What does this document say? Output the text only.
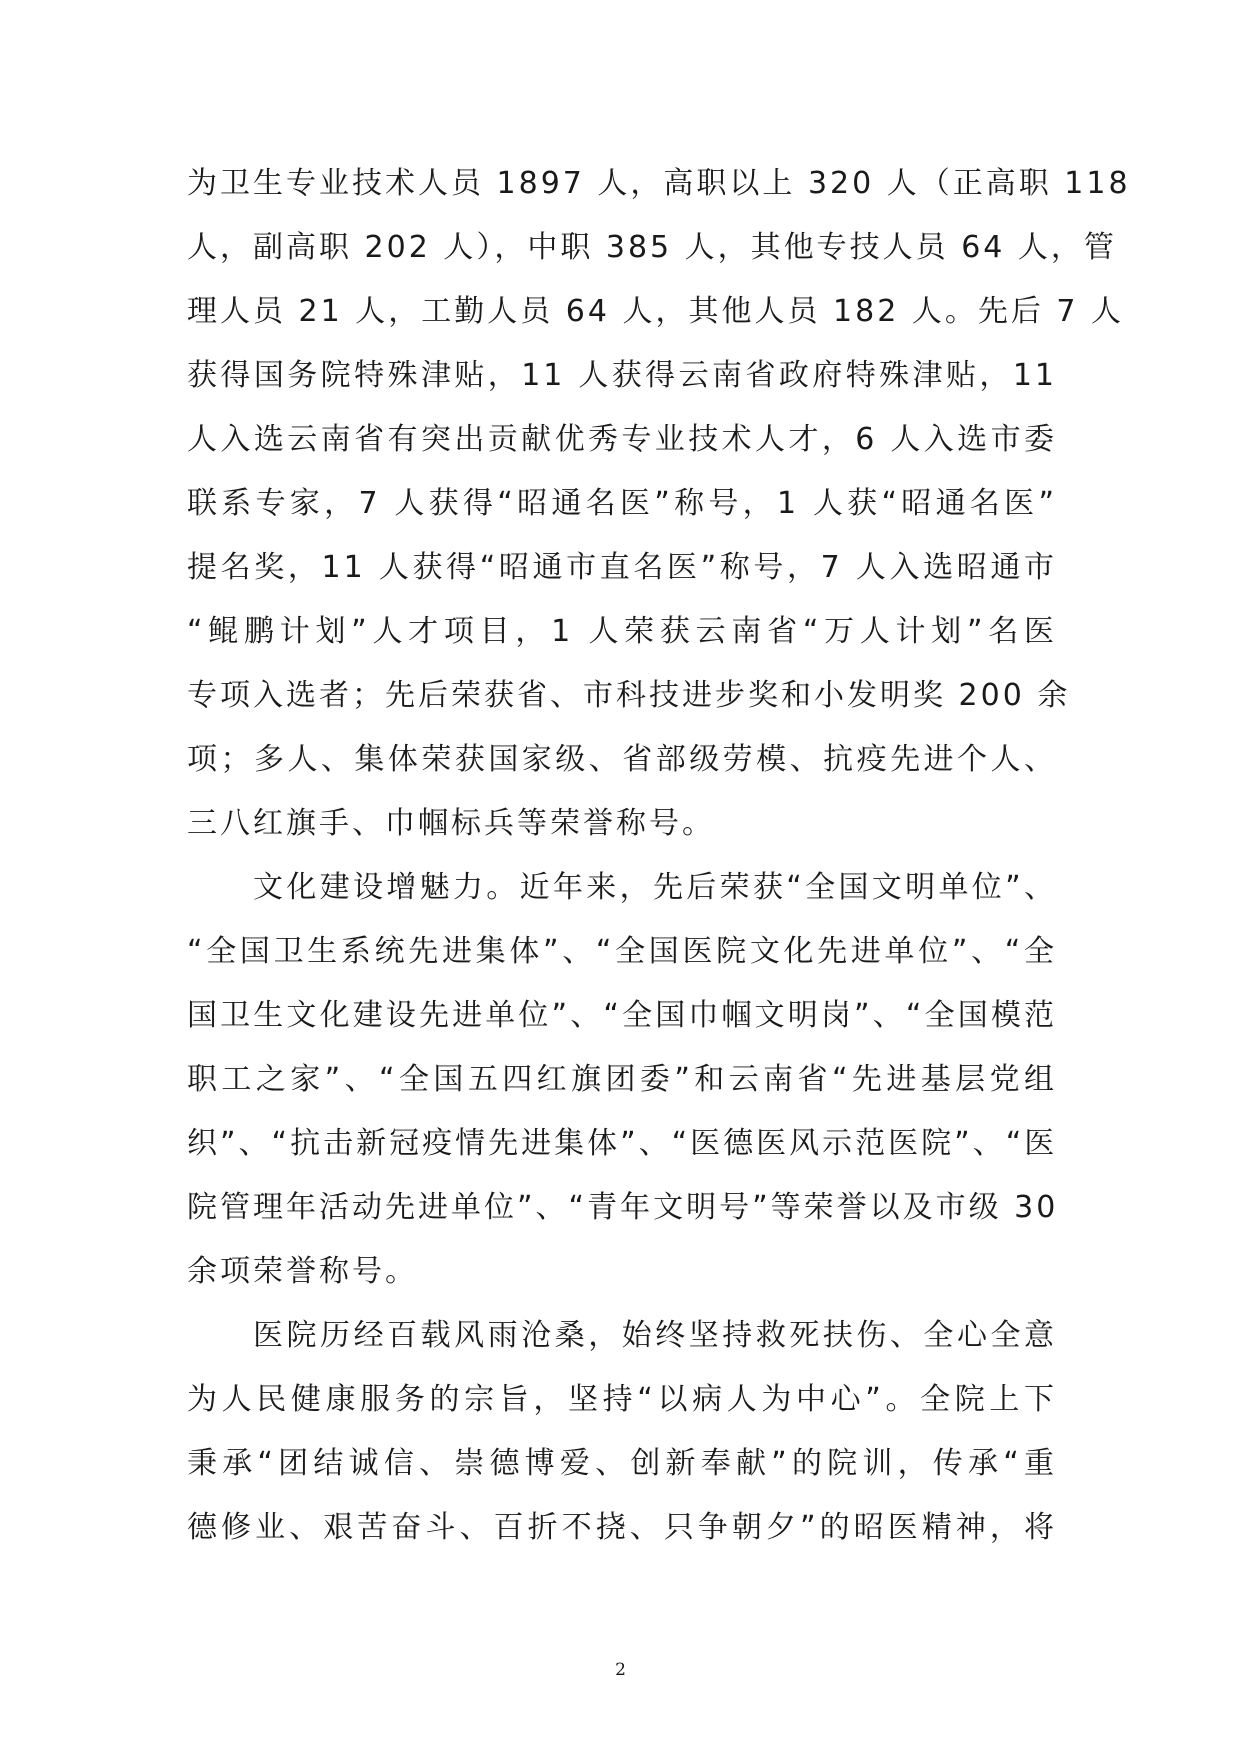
为卫生专业技术人员 1897 人，高职以上 320 人（正高职 118
人，副高职 202 人），中职 385 人，其他专技人员 64 人，管
理人员 21 人，工勤人员 64 人，其他人员 182 人。先后 7 人
获得国务院特殊津贴，11 人获得云南省政府特殊津贴，11
人入选云南省有突出贡献优秀专业技术人才，6 人入选市委
联系专家，7 人获得“昭通名医”称号，1 人获“昭通名医”
提名奖，11 人获得“昭通市直名医”称号，7 人入选昭通市
“鲲鹏计划”人才项目，1 人荣获云南省“万人计划”名医
专项入选者；先后荣获省、市科技进步奖和小发明奖 200 余
项；多人、集体荣获国家级、省部级劳模、抗疫先进个人、
三八红旗手、巾帼标兵等荣誉称号。

文化建设增魅力。近年来，先后荣获“全国文明单位”、
“全国卫生系统先进集体”、“全国医院文化先进单位”、“全
国卫生文化建设先进单位”、“全国巾帼文明岗”、“全国模范
职工之家”、“全国五四红旗团委”和云南省“先进基层党组
织”、“抗击新冠疫情先进集体”、“医德医风示范医院”、“医
院管理年活动先进单位”、“青年文明号”等荣誉以及市级 30
余项荣誉称号。

医院历经百载风雨沧桑，始终坚持救死扶伤、全心全意
为人民健康服务的宗旨，坚持“以病人为中心”。全院上下
秉承“团结诚信、崇德博爱、创新奉献”的院训，传承“重
德修业、艰苦奋斗、百折不挠、只争朝夕”的昭医精神，将

2
